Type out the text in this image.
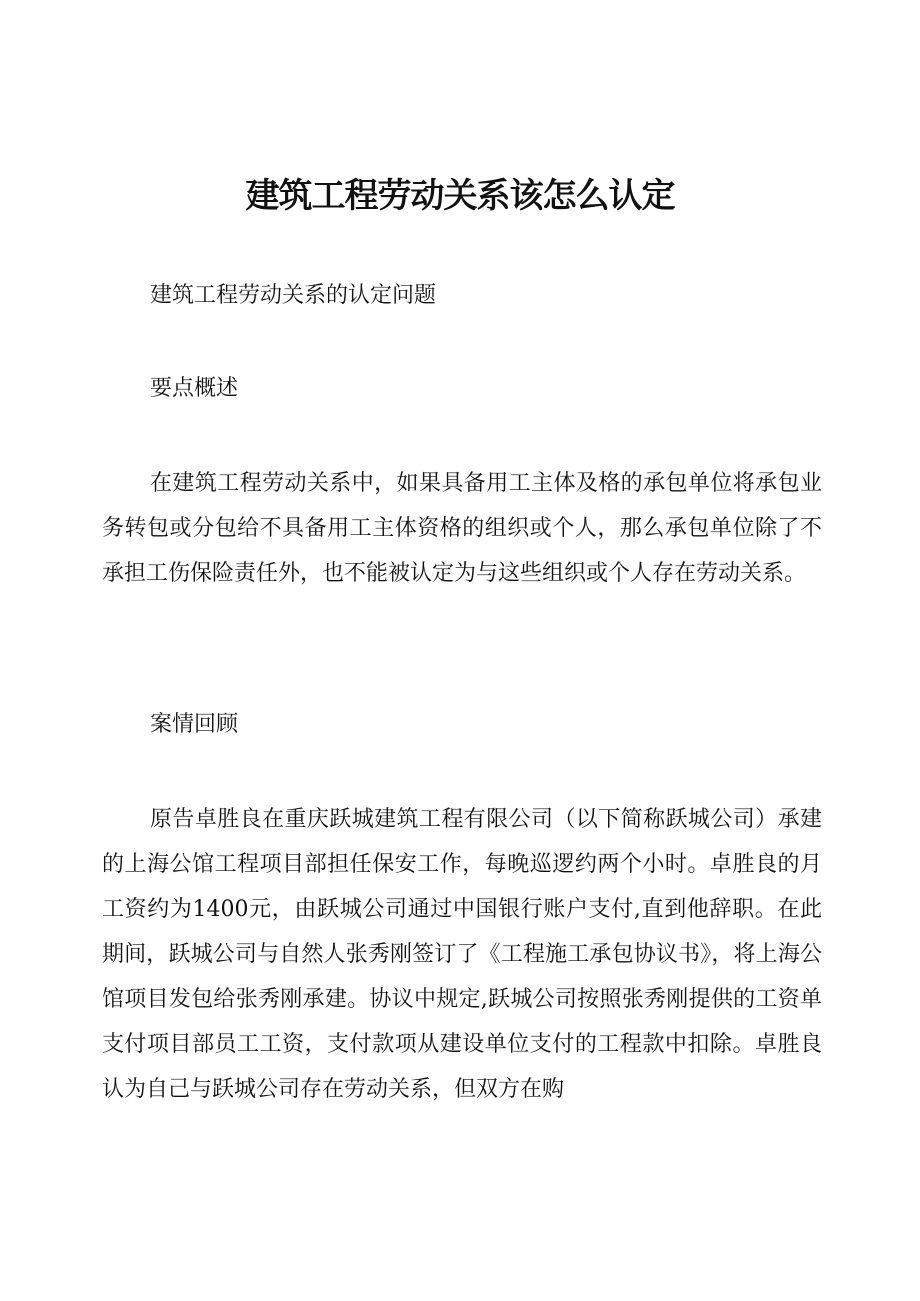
建筑工程劳动关系该怎么认定
建筑工程劳动关系的认定问题
要点概述

在建筑工程劳动关系中，如果具备用工主体及格的承包单位将承包业务转包或分包给不具备用工主体资格的组织或个人，那么承包单位除了不承担工伤保险责任外，也不能被认定为与这些组织或个人存在劳动关系。

案情回顾

原告卓胜良在重庆跃城建筑工程有限公司（以下简称跃城公司）承建的上海公馆工程项目部担任保安工作，每晚巡逻约两个小时。卓胜良的月工资约为1400元，由跃城公司通过中国银行账户支付,直到他辞职。在此期间，跃城公司与自然人张秀刚签订了《工程施工承包协议书》，将上海公馆项目发包给张秀刚承建。协议中规定,跃城公司按照张秀刚提供的工资单支付项目部员工工资，支付款项从建设单位支付的工程款中扣除。卓胜良认为自己与跃城公司存在劳动关系，但双方在购
